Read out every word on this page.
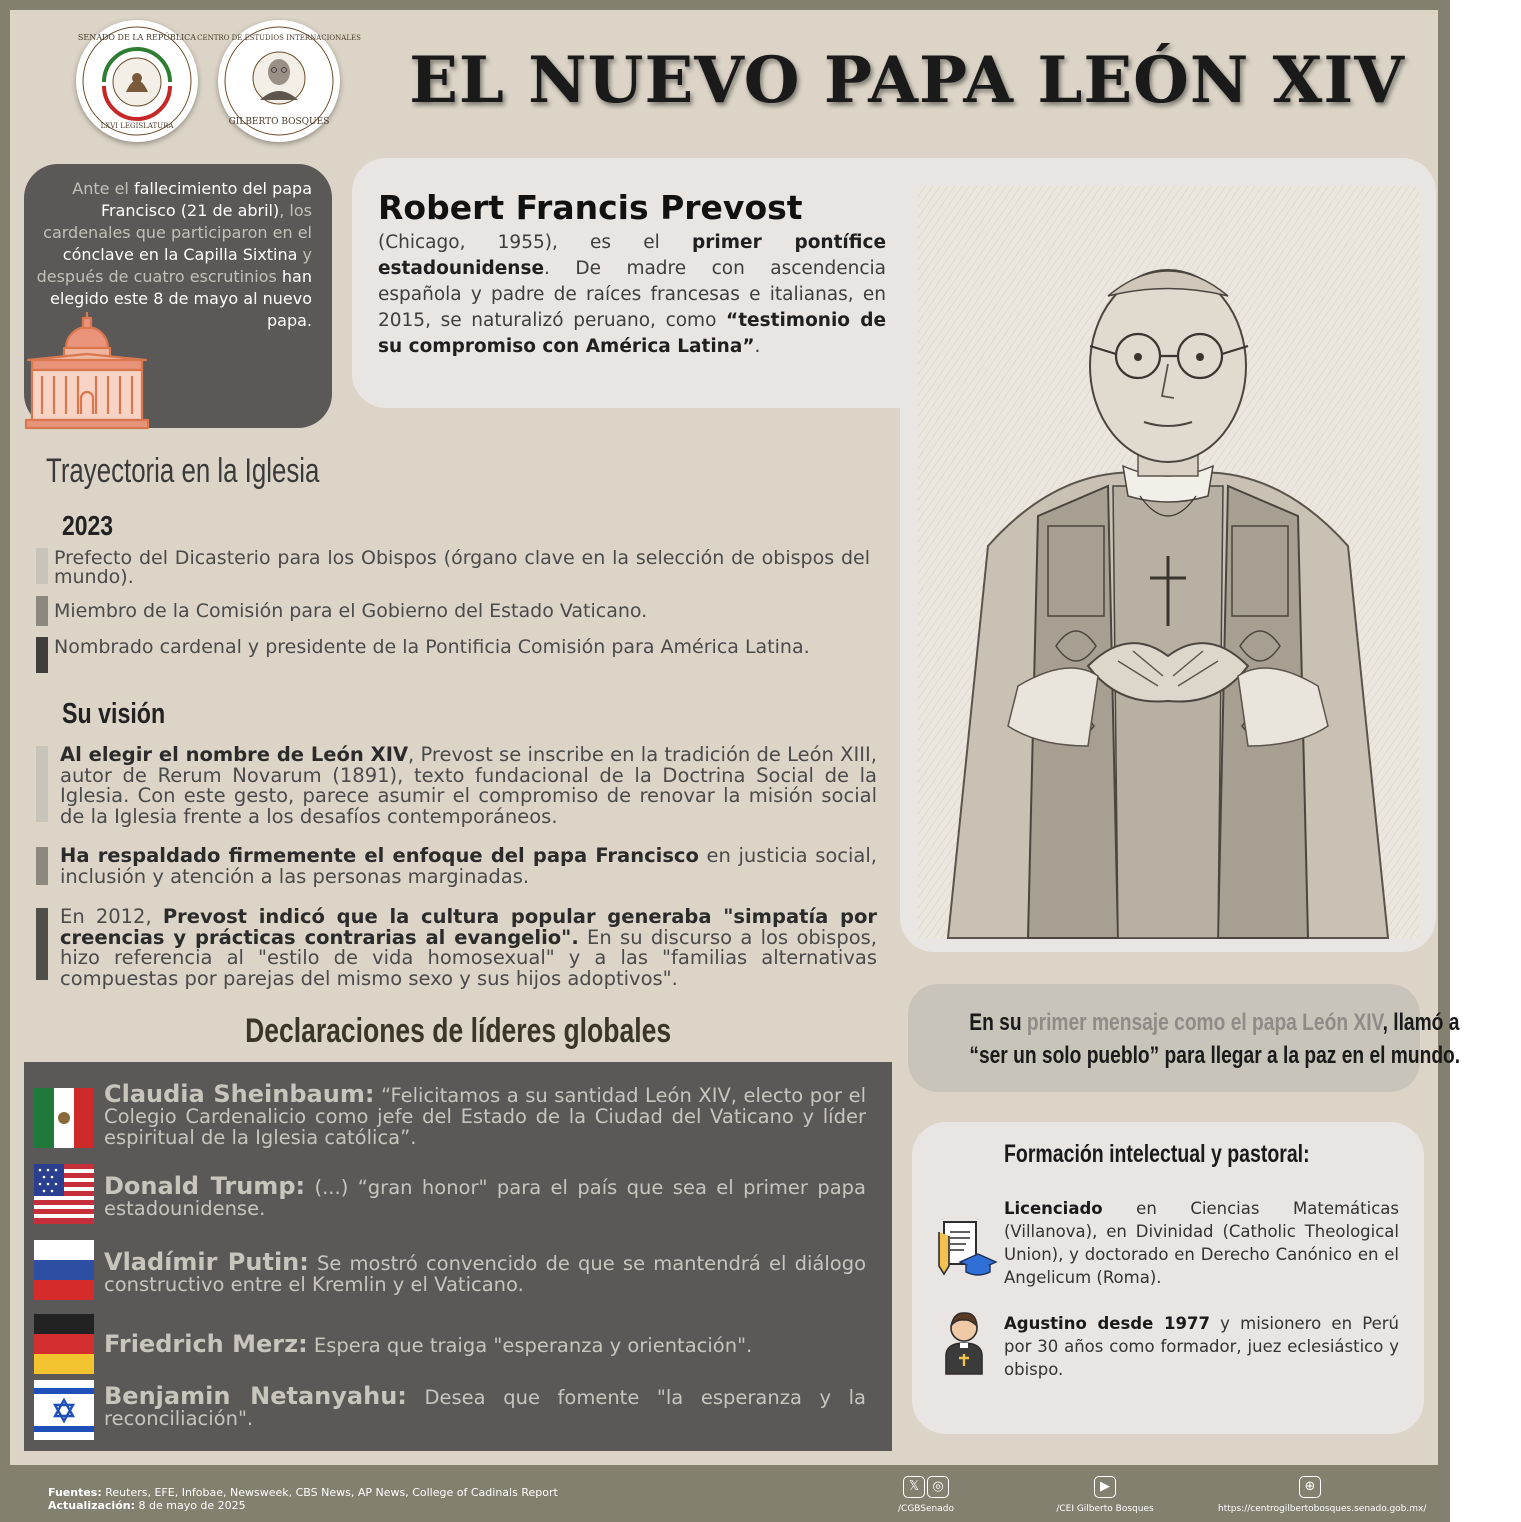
SENADO DE LA REPÚBLICA
LXVI LEGISLATURA
CENTRO DE ESTUDIOS INTERNACIONALES
GILBERTO BOSQUES
EL NUEVO PAPA LEÓN XIV
Ante el fallecimiento del papa Francisco (21 de abril), los cardenales que participaron en el cónclave en la Capilla Sixtina y después de cuatro escrutinios han elegido este 8 de mayo al nuevo papa.
Robert Francis Prevost
(Chicago, 1955), es el primer pontífice estadounidense. De madre con ascendencia española y padre de raíces francesas e italianas, en 2015, se naturalizó peruano, como “testimonio de su compromiso con América Latina”.
Trayectoria en la Iglesia
2023
Prefecto del Dicasterio para los Obispos (órgano clave en la selección de obispos del mundo).
Miembro de la Comisión para el Gobierno del Estado Vaticano.
Nombrado cardenal y presidente de la Pontificia Comisión para América Latina.
Su visión
Al elegir el nombre de León XIV, Prevost se inscribe en la tradición de León XIII, autor de Rerum Novarum (1891), texto fundacional de la Doctrina Social de la Iglesia. Con este gesto, parece asumir el compromiso de renovar la misión social de la Iglesia frente a los desafíos contemporáneos.
Ha respaldado firmemente el enfoque del papa Francisco en justicia social, inclusión y atención a las personas marginadas.
En 2012, Prevost indicó que la cultura popular generaba "simpatía por creencias y prácticas contrarias al evangelio". En su discurso a los obispos, hizo referencia al "estilo de vida homosexual" y a las "familias alternativas compuestas por parejas del mismo sexo y sus hijos adoptivos".
Declaraciones de líderes globales
Claudia Sheinbaum: “Felicitamos a su santidad León XIV, electo por el Colegio Cardenalicio como jefe del Estado de la Ciudad del Vaticano y líder espiritual de la Iglesia católica”.
Donald Trump: (...) “gran honor" para el país que sea el primer papa estadounidense.
Vladímir Putin: Se mostró convencido de que se mantendrá el diálogo constructivo entre el Kremlin y el Vaticano.
Friedrich Merz: Espera que traiga "esperanza y orientación".
Benjamin Netanyahu: Desea que fomente "la esperanza y la reconciliación".
En su primer mensaje como el papa León XIV, llamó a
“ser un solo pueblo” para llegar a la paz en el mundo.
Formación intelectual y pastoral:
Licenciado en Ciencias Matemáticas (Villanova), en Divinidad (Catholic Theological Union), y doctorado en Derecho Canónico en el Angelicum (Roma).
Agustino desde 1977 y misionero en Perú por 30 años como formador, juez eclesiástico y obispo.
Fuentes: Reuters, EFE, Infobae, Newsweek, CBS News, AP News, College of Cadinals Report
Actualización: 8 de mayo de 2025
𝕏 ◎
/CGBSenado
▶
/CEI Gilberto Bosques
⊕
https://centrogilbertobosques.senado.gob.mx/
